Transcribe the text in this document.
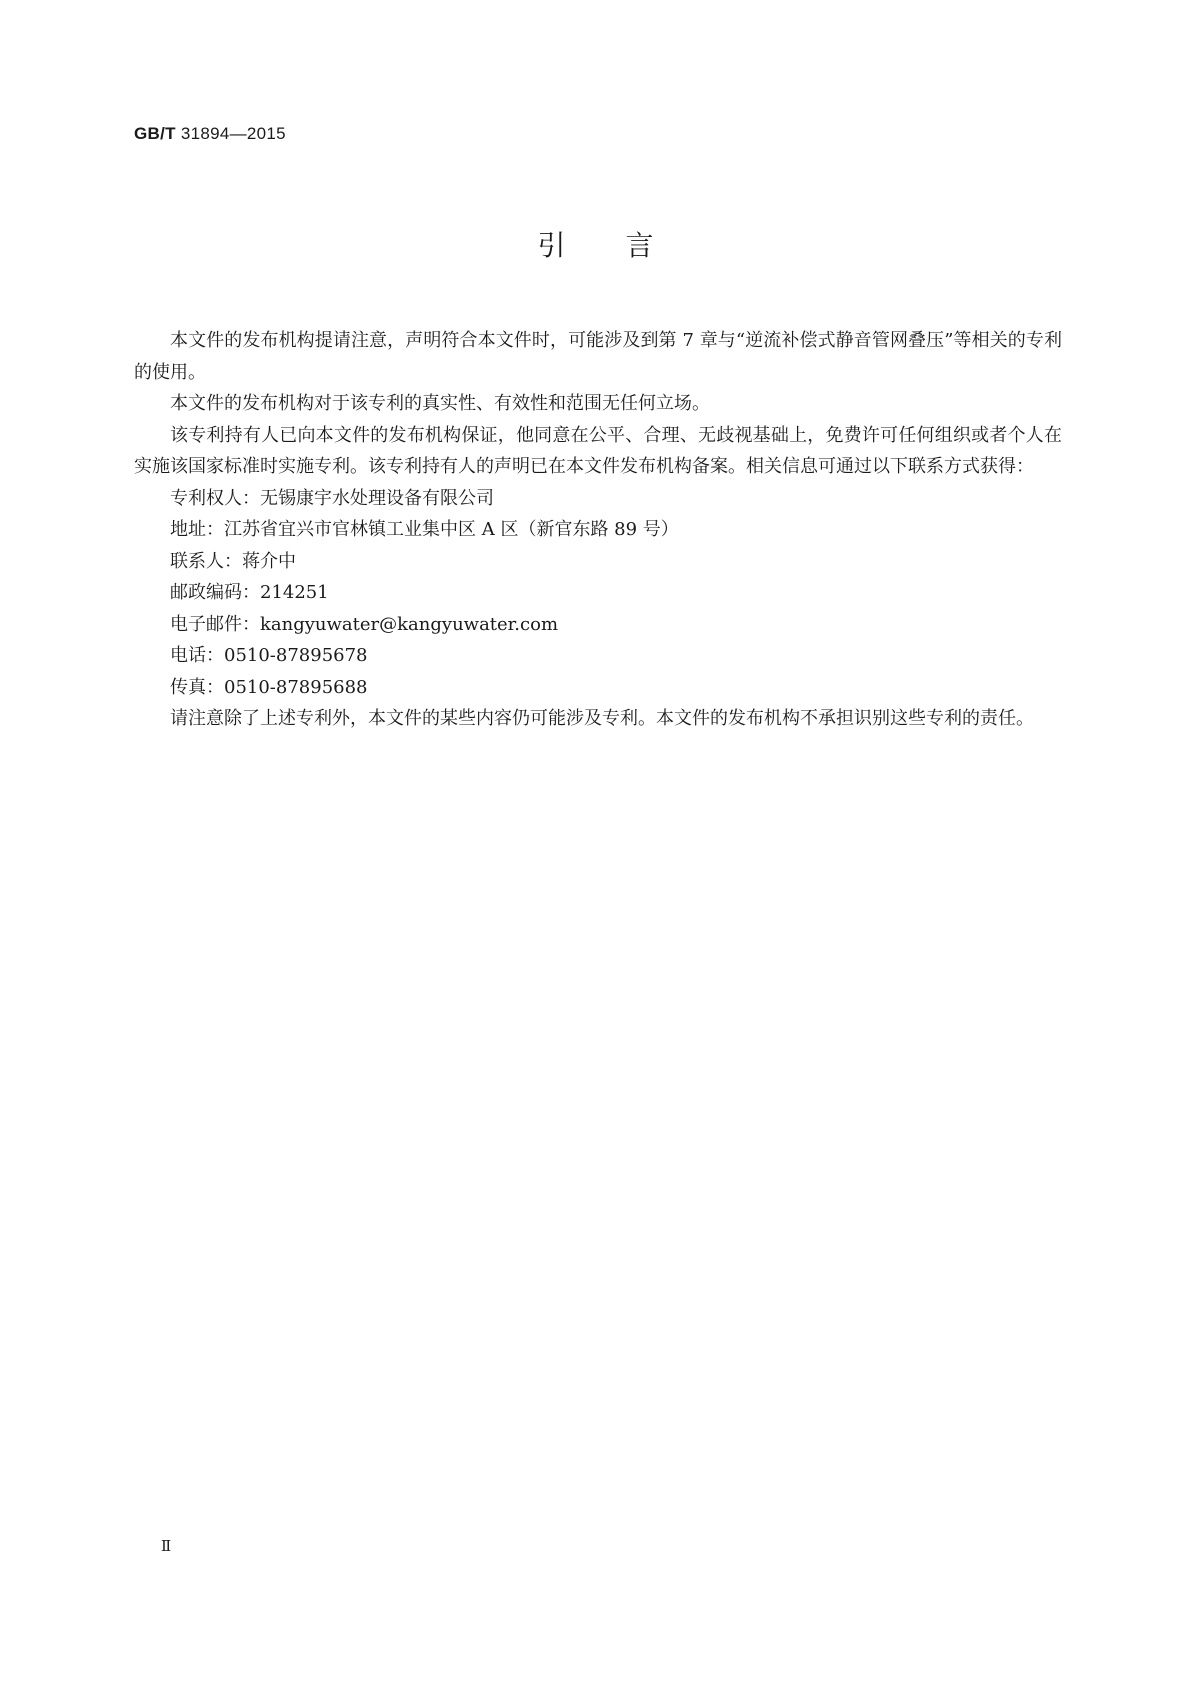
GB/T 31894—2015
引言

本文件的发布机构提请注意，声明符合本文件时，可能涉及到第 7 章与“逆流补偿式静音管网叠压”等相关的专利的使用。

本文件的发布机构对于该专利的真实性、有效性和范围无任何立场。

该专利持有人已向本文件的发布机构保证，他同意在公平、合理、无歧视基础上，免费许可任何组织或者个人在实施该国家标准时实施专利。该专利持有人的声明已在本文件发布机构备案。相关信息可通过以下联系方式获得：

专利权人：无锡康宇水处理设备有限公司

地址：江苏省宜兴市官林镇工业集中区 A 区（新官东路 89 号）

联系人：蒋介中

邮政编码：214251

电子邮件：kangyuwater@kangyuwater.com

电话：0510-87895678

传真：0510-87895688

请注意除了上述专利外，本文件的某些内容仍可能涉及专利。本文件的发布机构不承担识别这些专利的责任。

Ⅱ
